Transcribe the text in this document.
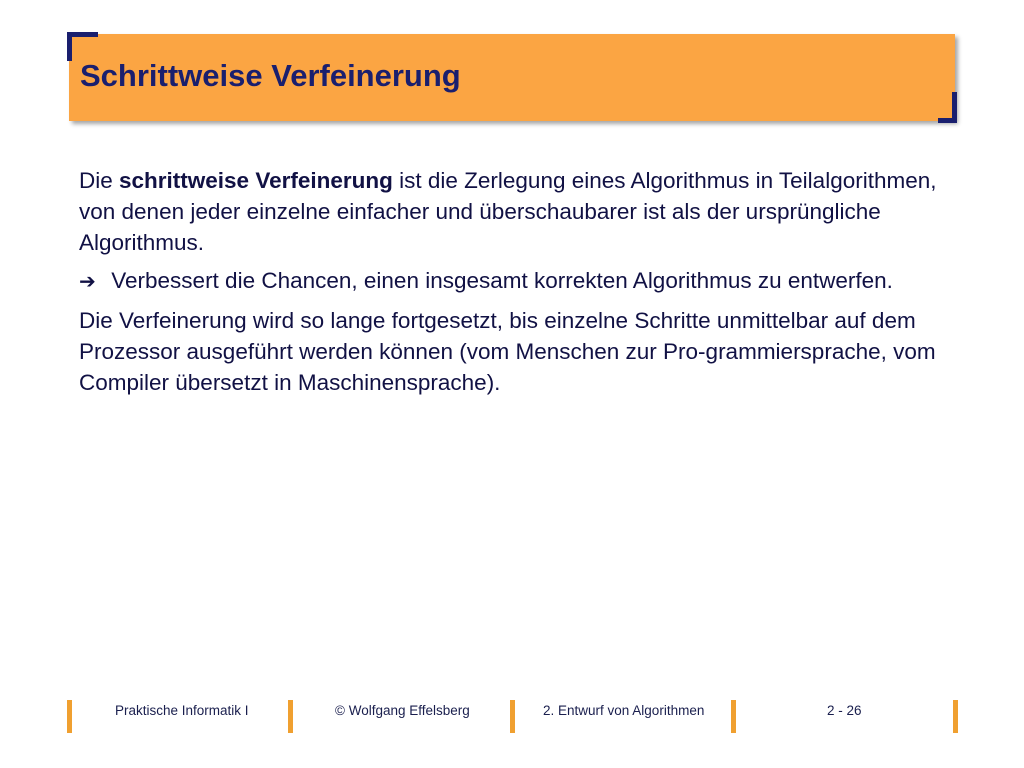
Schrittweise Verfeinerung

Die schrittweise Verfeinerung ist die Zerlegung eines Algorithmus in Teilalgorithmen, von denen jeder einzelne einfacher und überschaubarer ist als der ursprüngliche Algorithmus.

➔ Verbessert die Chancen, einen insgesamt korrekten Algorithmus zu entwerfen.

Die Verfeinerung wird so lange fortgesetzt, bis einzelne Schritte unmittelbar auf dem Prozessor ausgeführt werden können (vom Menschen zur Pro-grammiersprache, vom Compiler übersetzt in Maschinensprache).

Praktische Informatik I	© Wolfgang Effelsberg	2. Entwurf von Algorithmen	2 - 26
